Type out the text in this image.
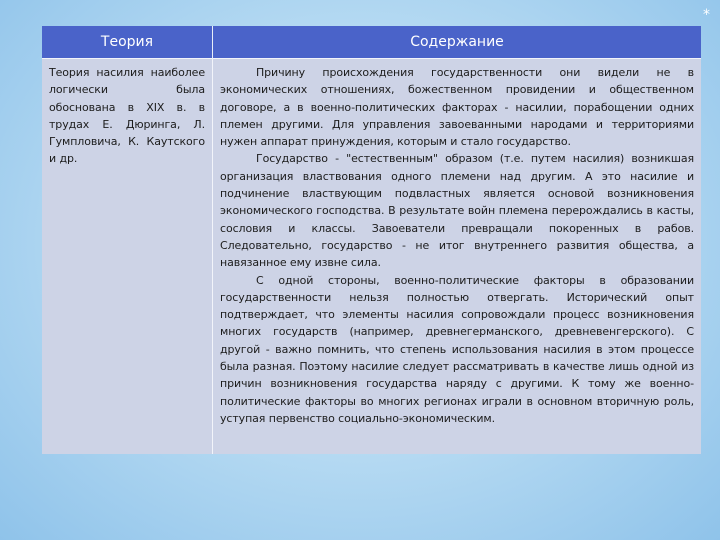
*
Теория	Содержание
Теория насилия наиболее логически была обоснована в XIX в. в трудах Е. Дюринга, Л. Гумпловича, К. Каутского и др.	Причину происхождения государственности они видели не в экономических отношениях, божественном провидении и общественном договоре, а в военно-политических факторах - насилии, порабощении одних племен другими. Для управления завоеванными народами и территориями нужен аппарат принуждения, которым и стало государство.

Государство - "естественным" образом (т.е. путем насилия) возникшая организация властвования одного племени над другим. А это насилие и подчинение властвующим подвластных является основой возникновения экономического господства. В результате войн племена перерождались в касты, сословия и классы. Завоеватели превращали покоренных в рабов. Следовательно, государство - не итог внутреннего развития общества, а навязанное ему извне сила.

С одной стороны, военно-политические факторы в образовании государственности нельзя полностью отвергать. Исторический опыт подтверждает, что элементы насилия сопровождали процесс возникновения многих государств (например, древнегерманского, древневенгерского). С другой - важно помнить, что степень использования насилия в этом процессе была разная. Поэтому насилие следует рассматривать в качестве лишь одной из причин возникновения государства наряду с другими. К тому же военно-политические факторы во многих регионах играли в основном вторичную роль, уступая первенство социально-экономическим.
